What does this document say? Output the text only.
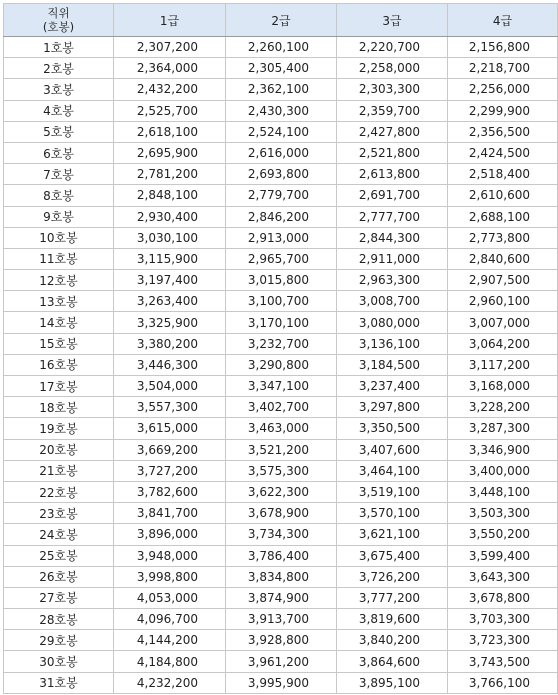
직위
(호봉)	1급	2급	3급	4급
1호봉	2,307,200	2,260,100	2,220,700	2,156,800
2호봉	2,364,000	2,305,400	2,258,000	2,218,700
3호봉	2,432,200	2,362,100	2,303,300	2,256,000
4호봉	2,525,700	2,430,300	2,359,700	2,299,900
5호봉	2,618,100	2,524,100	2,427,800	2,356,500
6호봉	2,695,900	2,616,000	2,521,800	2,424,500
7호봉	2,781,200	2,693,800	2,613,800	2,518,400
8호봉	2,848,100	2,779,700	2,691,700	2,610,600
9호봉	2,930,400	2,846,200	2,777,700	2,688,100
10호봉	3,030,100	2,913,000	2,844,300	2,773,800
11호봉	3,115,900	2,965,700	2,911,000	2,840,600
12호봉	3,197,400	3,015,800	2,963,300	2,907,500
13호봉	3,263,400	3,100,700	3,008,700	2,960,100
14호봉	3,325,900	3,170,100	3,080,000	3,007,000
15호봉	3,380,200	3,232,700	3,136,100	3,064,200
16호봉	3,446,300	3,290,800	3,184,500	3,117,200
17호봉	3,504,000	3,347,100	3,237,400	3,168,000
18호봉	3,557,300	3,402,700	3,297,800	3,228,200
19호봉	3,615,000	3,463,000	3,350,500	3,287,300
20호봉	3,669,200	3,521,200	3,407,600	3,346,900
21호봉	3,727,200	3,575,300	3,464,100	3,400,000
22호봉	3,782,600	3,622,300	3,519,100	3,448,100
23호봉	3,841,700	3,678,900	3,570,100	3,503,300
24호봉	3,896,000	3,734,300	3,621,100	3,550,200
25호봉	3,948,000	3,786,400	3,675,400	3,599,400
26호봉	3,998,800	3,834,800	3,726,200	3,643,300
27호봉	4,053,000	3,874,900	3,777,200	3,678,800
28호봉	4,096,700	3,913,700	3,819,600	3,703,300
29호봉	4,144,200	3,928,800	3,840,200	3,723,300
30호봉	4,184,800	3,961,200	3,864,600	3,743,500
31호봉	4,232,200	3,995,900	3,895,100	3,766,100
